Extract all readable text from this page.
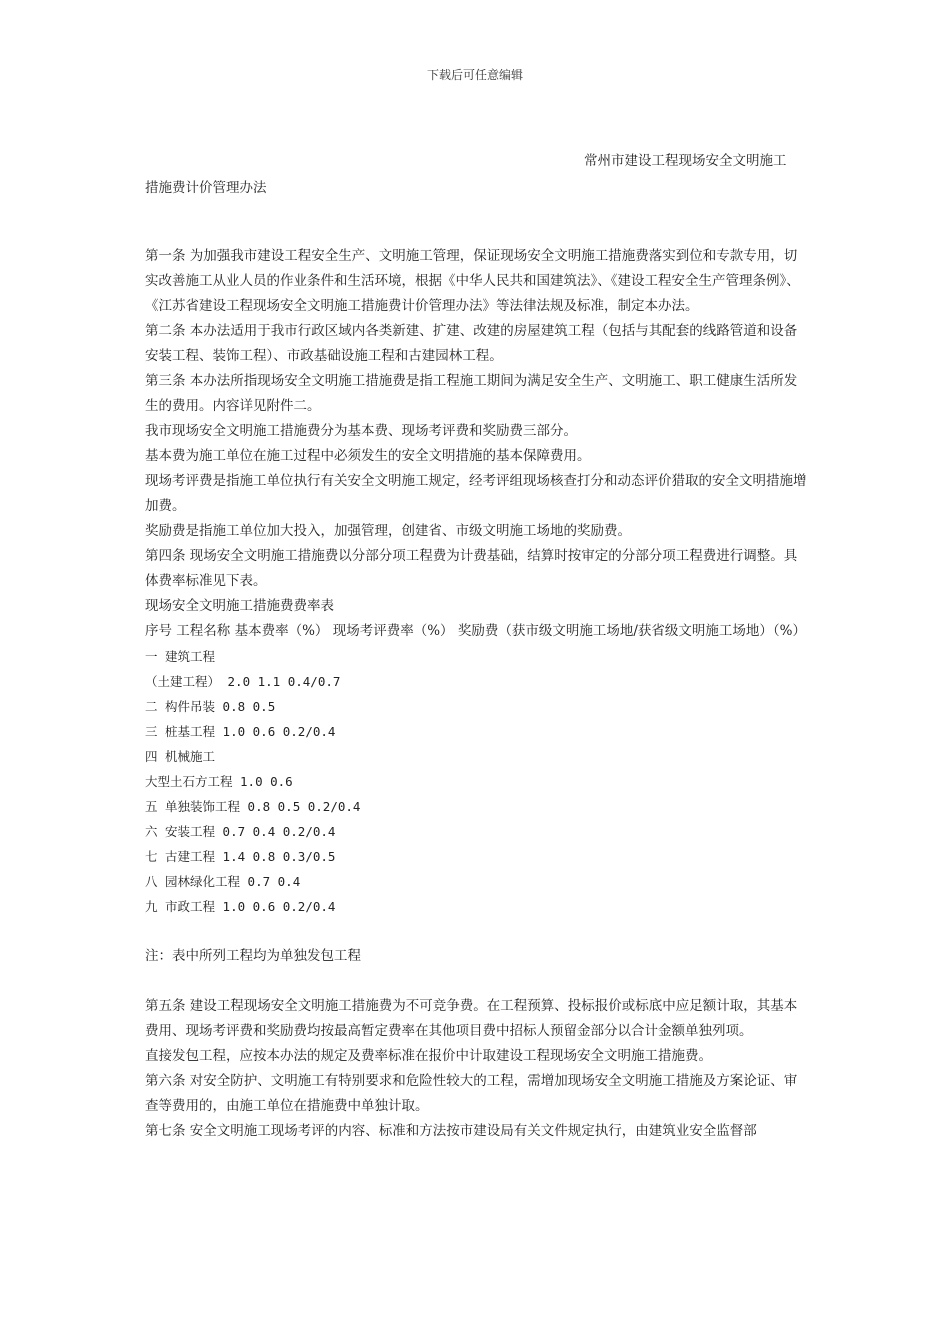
下载后可任意编辑
常州市建设工程现场安全文明施工
措施费计价管理办法

第一条 为加强我市建设工程安全生产、文明施工管理，保证现场安全文明施工措施费落实到位和专款专用，切实改善施工从业人员的作业条件和生活环境，根据《中华人民共和国建筑法》、《建设工程安全生产管理条例》、《江苏省建设工程现场安全文明施工措施费计价管理办法》等法律法规及标准，制定本办法。

第二条 本办法适用于我市行政区域内各类新建、扩建、改建的房屋建筑工程（包括与其配套的线路管道和设备安装工程、装饰工程）、市政基础设施工程和古建园林工程。

第三条 本办法所指现场安全文明施工措施费是指工程施工期间为满足安全生产、文明施工、职工健康生活所发生的费用。内容详见附件二。

我市现场安全文明施工措施费分为基本费、现场考评费和奖励费三部分。

基本费为施工单位在施工过程中必须发生的安全文明措施的基本保障费用。

现场考评费是指施工单位执行有关安全文明施工规定，经考评组现场核查打分和动态评价猎取的安全文明措施增加费。

奖励费是指施工单位加大投入，加强管理，创建省、市级文明施工场地的奖励费。

第四条 现场安全文明施工措施费以分部分项工程费为计费基础，结算时按审定的分部分项工程费进行调整。具体费率标准见下表。

现场安全文明施工措施费费率表

序号 工程名称 基本费率（%） 现场考评费率（%） 奖励费（获市级文明施工场地/获省级文明施工场地）（%）

一 建筑工程

（土建工程） 2.0 1.1 0.4/0.7

二 构件吊装 0.8 0.5

三 桩基工程 1.0 0.6 0.2/0.4

四 机械施工

大型土石方工程 1.0 0.6

五 单独装饰工程 0.8 0.5 0.2/0.4

六 安装工程 0.7 0.4 0.2/0.4

七 古建工程 1.4 0.8 0.3/0.5

八 园林绿化工程 0.7 0.4

九 市政工程 1.0 0.6 0.2/0.4

注：表中所列工程均为单独发包工程

第五条 建设工程现场安全文明施工措施费为不可竞争费。在工程预算、投标报价或标底中应足额计取，其基本费用、现场考评费和奖励费均按最高暂定费率在其他项目费中招标人预留金部分以合计金额单独列项。

直接发包工程，应按本办法的规定及费率标准在报价中计取建设工程现场安全文明施工措施费。

第六条 对安全防护、文明施工有特别要求和危险性较大的工程，需增加现场安全文明施工措施及方案论证、审查等费用的，由施工单位在措施费中单独计取。

第七条 安全文明施工现场考评的内容、标准和方法按市建设局有关文件规定执行，由建筑业安全监督部
